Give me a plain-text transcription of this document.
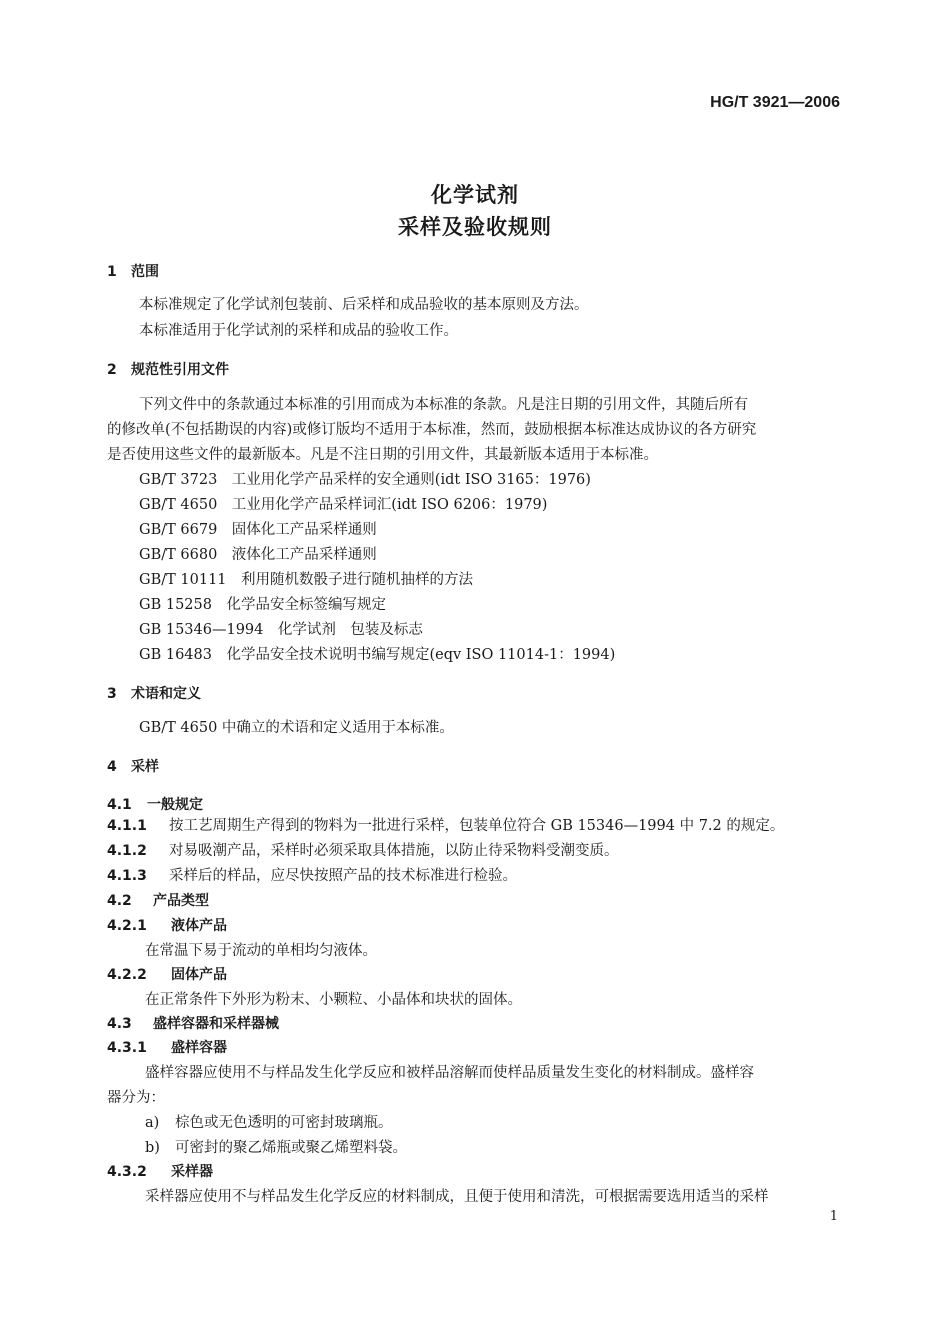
HG/T 3921—2006
化学试剂
采样及验收规则
1 范围
本标准规定了化学试剂包装前、后采样和成品验收的基本原则及方法。
本标准适用于化学试剂的采样和成品的验收工作。
2 规范性引用文件
下列文件中的条款通过本标准的引用而成为本标准的条款。凡是注日期的引用文件，其随后所有
的修改单(不包括勘误的内容)或修订版均不适用于本标准，然而，鼓励根据本标准达成协议的各方研究
是否使用这些文件的最新版本。凡是不注日期的引用文件，其最新版本适用于本标准。
GB/T 3723　工业用化学产品采样的安全通则(idt ISO 3165：1976)
GB/T 4650　工业用化学产品采样词汇(idt ISO 6206：1979)
GB/T 6679　固体化工产品采样通则
GB/T 6680　液体化工产品采样通则
GB/T 10111　利用随机数骰子进行随机抽样的方法
GB 15258　化学品安全标签编写规定
GB 15346—1994　化学试剂　包装及标志
GB 16483　化学品安全技术说明书编写规定(eqv ISO 11014-1：1994)
3 术语和定义
GB/T 4650 中确立的术语和定义适用于本标准。
4 采样
4.1 一般规定
4.1.1 按工艺周期生产得到的物料为一批进行采样，包装单位符合 GB 15346—1994 中 7.2 的规定。
4.1.2 对易吸潮产品，采样时必须采取具体措施，以防止待采物料受潮变质。
4.1.3 采样后的样品，应尽快按照产品的技术标准进行检验。
4.2 产品类型
4.2.1 液体产品
在常温下易于流动的单相均匀液体。
4.2.2 固体产品
在正常条件下外形为粉末、小颗粒、小晶体和块状的固体。
4.3 盛样容器和采样器械
4.3.1 盛样容器
盛样容器应使用不与样品发生化学反应和被样品溶解而使样品质量发生变化的材料制成。盛样容
器分为：
a) 棕色或无色透明的可密封玻璃瓶。
b) 可密封的聚乙烯瓶或聚乙烯塑料袋。
4.3.2 采样器
采样器应使用不与样品发生化学反应的材料制成，且便于使用和清洗，可根据需要选用适当的采样
1
